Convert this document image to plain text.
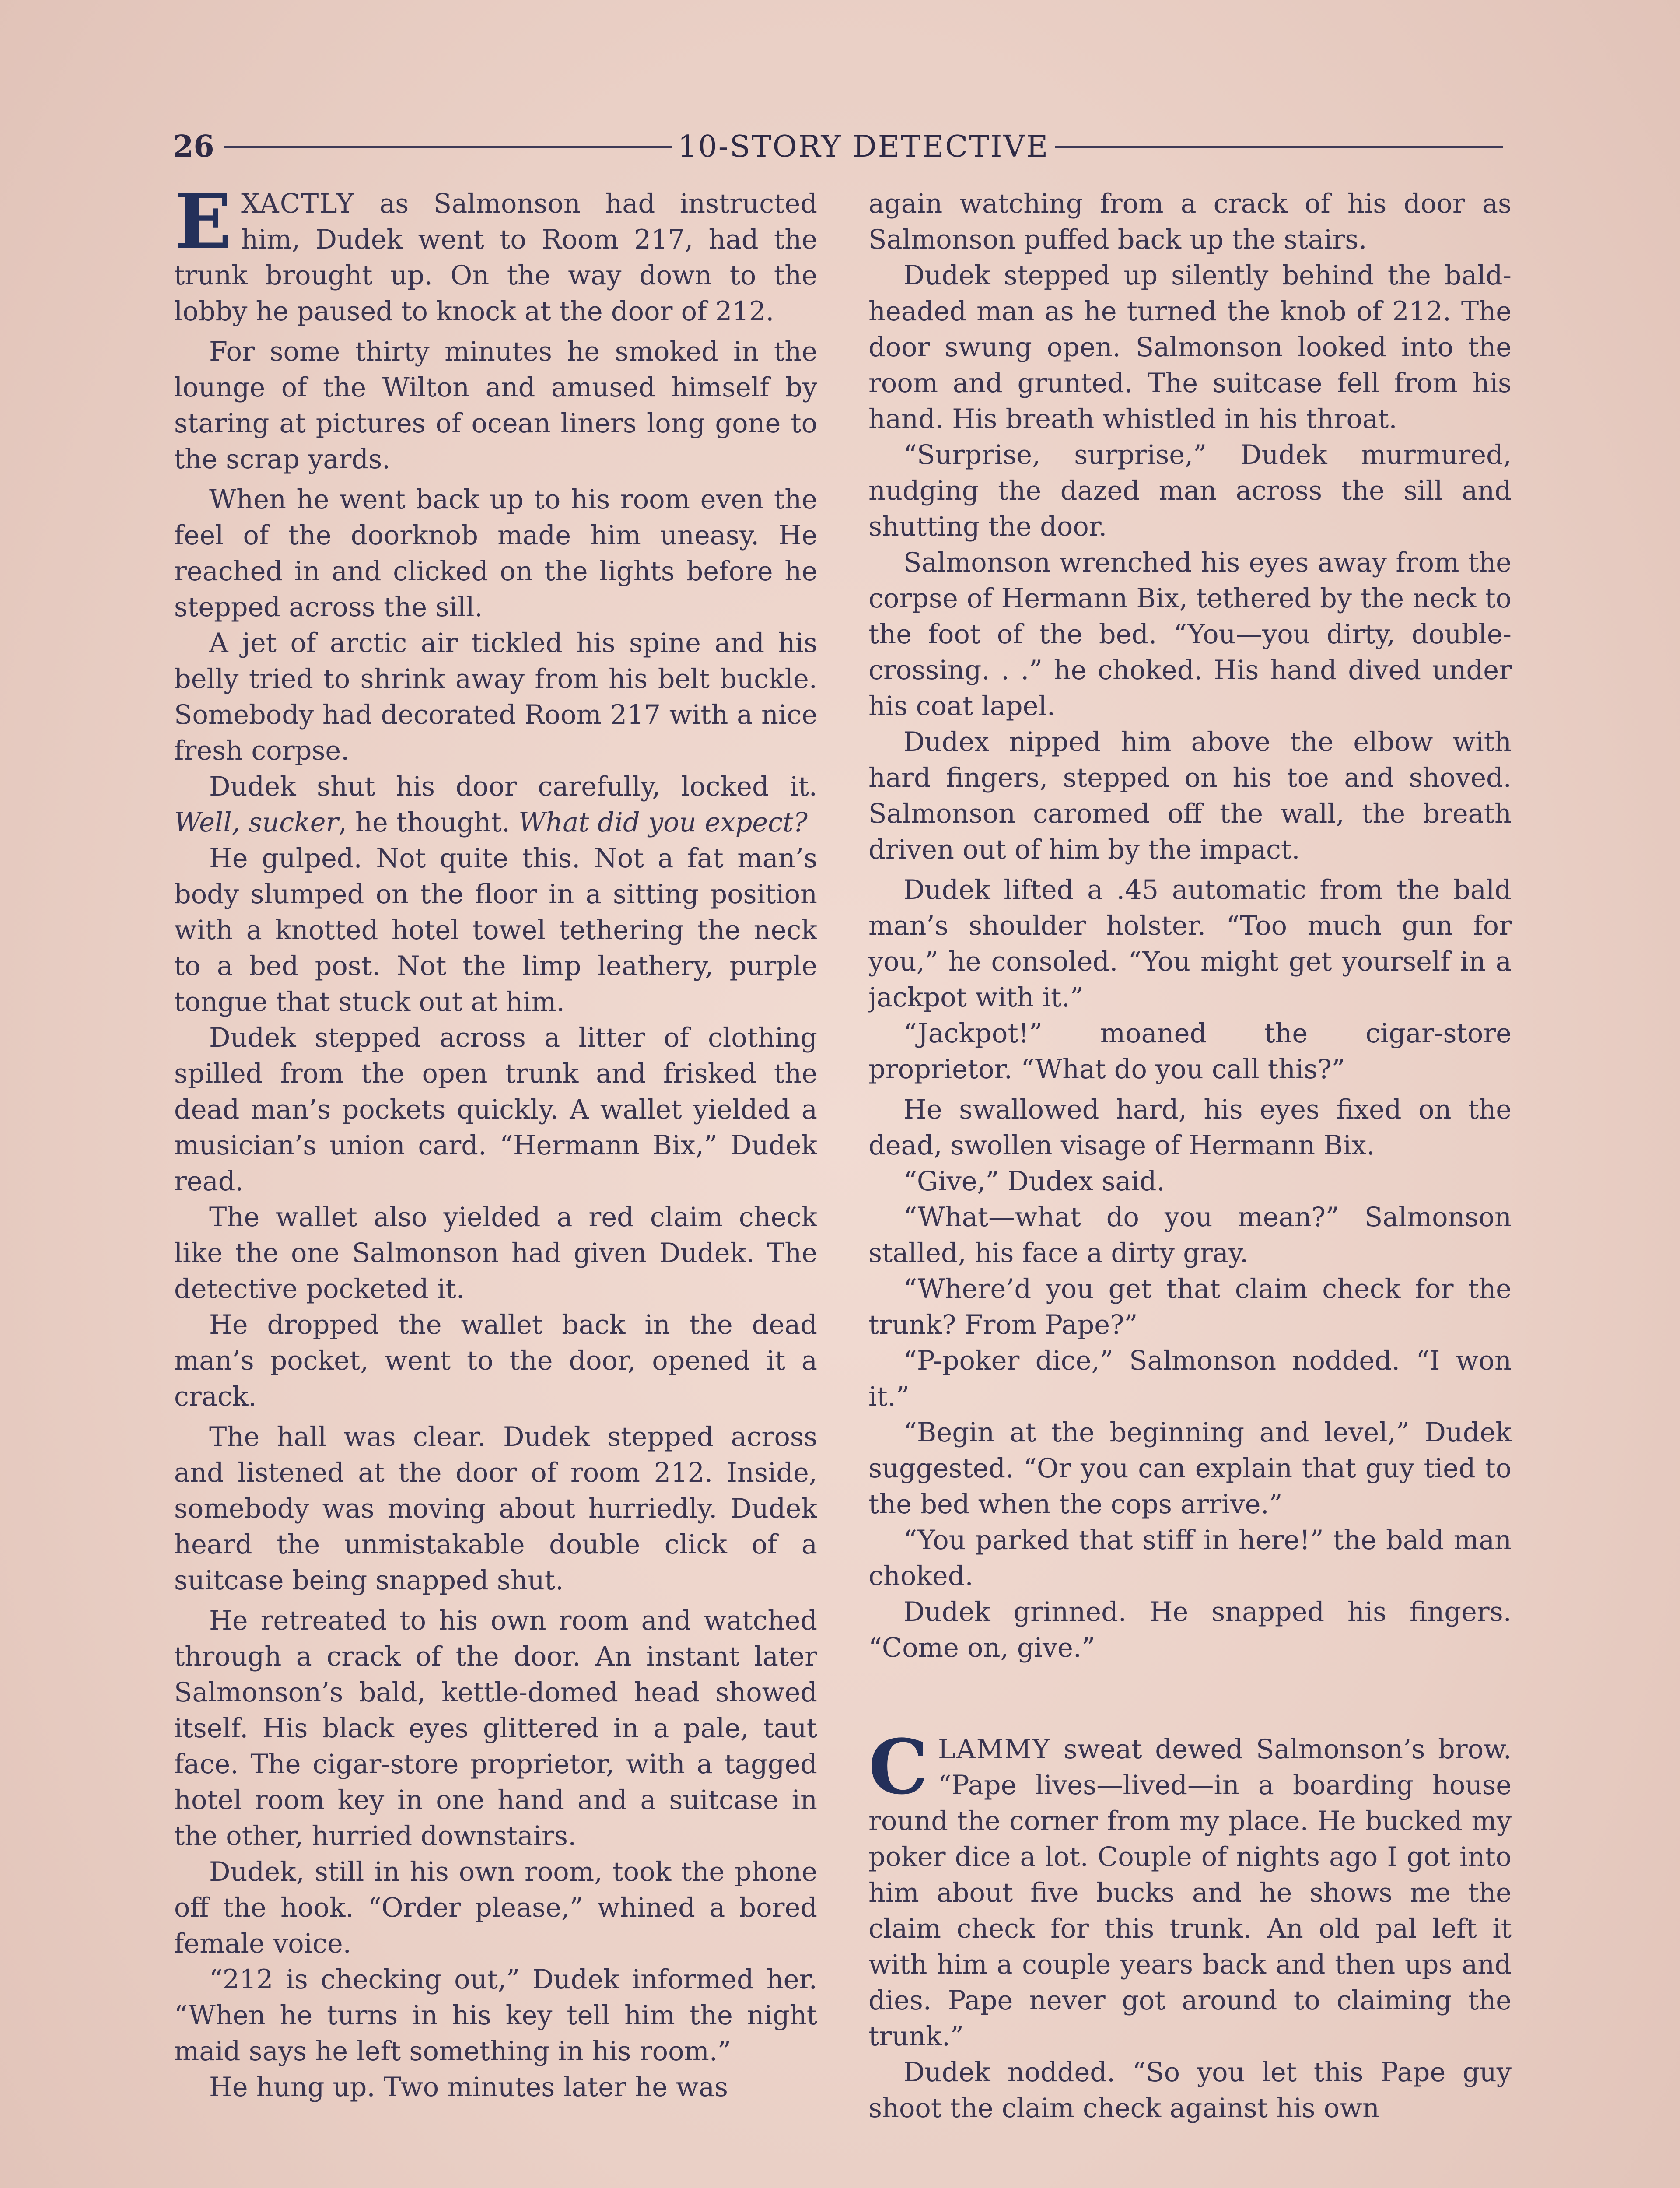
26	10-STORY DETECTIVE

EXACTLY as Salmonson had instructed him, Dudek went to Room 217, had the trunk brought up. On the way down to the lobby he paused to knock at the door of 212.

For some thirty minutes he smoked in the lounge of the Wilton and amused himself by staring at pictures of ocean liners long gone to the scrap yards.

When he went back up to his room even the feel of the doorknob made him uneasy. He reached in and clicked on the lights before he stepped across the sill.

A jet of arctic air tickled his spine and his belly tried to shrink away from his belt buckle. Somebody had decorated Room 217 with a nice fresh corpse.

Dudek shut his door carefully, locked it. Well, sucker, he thought. What did you expect?

He gulped. Not quite this. Not a fat man’s body slumped on the floor in a sitting position with a knotted hotel towel tethering the neck to a bed post. Not the limp leathery, purple tongue that stuck out at him.

Dudek stepped across a litter of clothing spilled from the open trunk and frisked the dead man’s pockets quickly. A wallet yielded a musician’s union card. “Hermann Bix,” Dudek read.

The wallet also yielded a red claim check like the one Salmonson had given Dudek. The detective pocketed it.

He dropped the wallet back in the dead man’s pocket, went to the door, opened it a crack.

The hall was clear. Dudek stepped across and listened at the door of room 212. Inside, somebody was moving about hurriedly. Dudek heard the unmistakable double click of a suitcase being snapped shut.

He retreated to his own room and watched through a crack of the door. An instant later Salmonson’s bald, kettle-domed head showed itself. His black eyes glittered in a pale, taut face. The cigar-store proprietor, with a tagged hotel room key in one hand and a suitcase in the other, hurried downstairs.

Dudek, still in his own room, took the phone off the hook. “Order please,” whined a bored female voice.

“212 is checking out,” Dudek informed her. “When he turns in his key tell him the night maid says he left something in his room.”

He hung up. Two minutes later he was

again watching from a crack of his door as Salmonson puffed back up the stairs.

Dudek stepped up silently behind the bald-headed man as he turned the knob of 212. The door swung open. Salmonson looked into the room and grunted. The suitcase fell from his hand. His breath whistled in his throat.

“Surprise, surprise,” Dudek murmured, nudging the dazed man across the sill and shutting the door.

Salmonson wrenched his eyes away from the corpse of Hermann Bix, tethered by the neck to the foot of the bed. “You—you dirty, double-crossing. . .” he choked. His hand dived under his coat lapel.

Dudex nipped him above the elbow with hard fingers, stepped on his toe and shoved. Salmonson caromed off the wall, the breath driven out of him by the impact.

Dudek lifted a .45 automatic from the bald man’s shoulder holster. “Too much gun for you,” he consoled. “You might get yourself in a jackpot with it.”

“Jackpot!” moaned the cigar-store proprietor. “What do you call this?”

He swallowed hard, his eyes fixed on the dead, swollen visage of Hermann Bix.

“Give,” Dudex said.

“What—what do you mean?” Salmonson stalled, his face a dirty gray.

“Where’d you get that claim check for the trunk? From Pape?”

“P-poker dice,” Salmonson nodded. “I won it.”

“Begin at the beginning and level,” Dudek suggested. “Or you can explain that guy tied to the bed when the cops arrive.”

“You parked that stiff in here!” the bald man choked.

Dudek grinned. He snapped his fingers. “Come on, give.”

CLAMMY sweat dewed Salmonson’s brow. “Pape lives—lived—in a boarding house round the corner from my place. He bucked my poker dice a lot. Couple of nights ago I got into him about five bucks and he shows me the claim check for this trunk. An old pal left it with him a couple years back and then ups and dies. Pape never got around to claiming the trunk.”

Dudek nodded. “So you let this Pape guy shoot the claim check against his own
